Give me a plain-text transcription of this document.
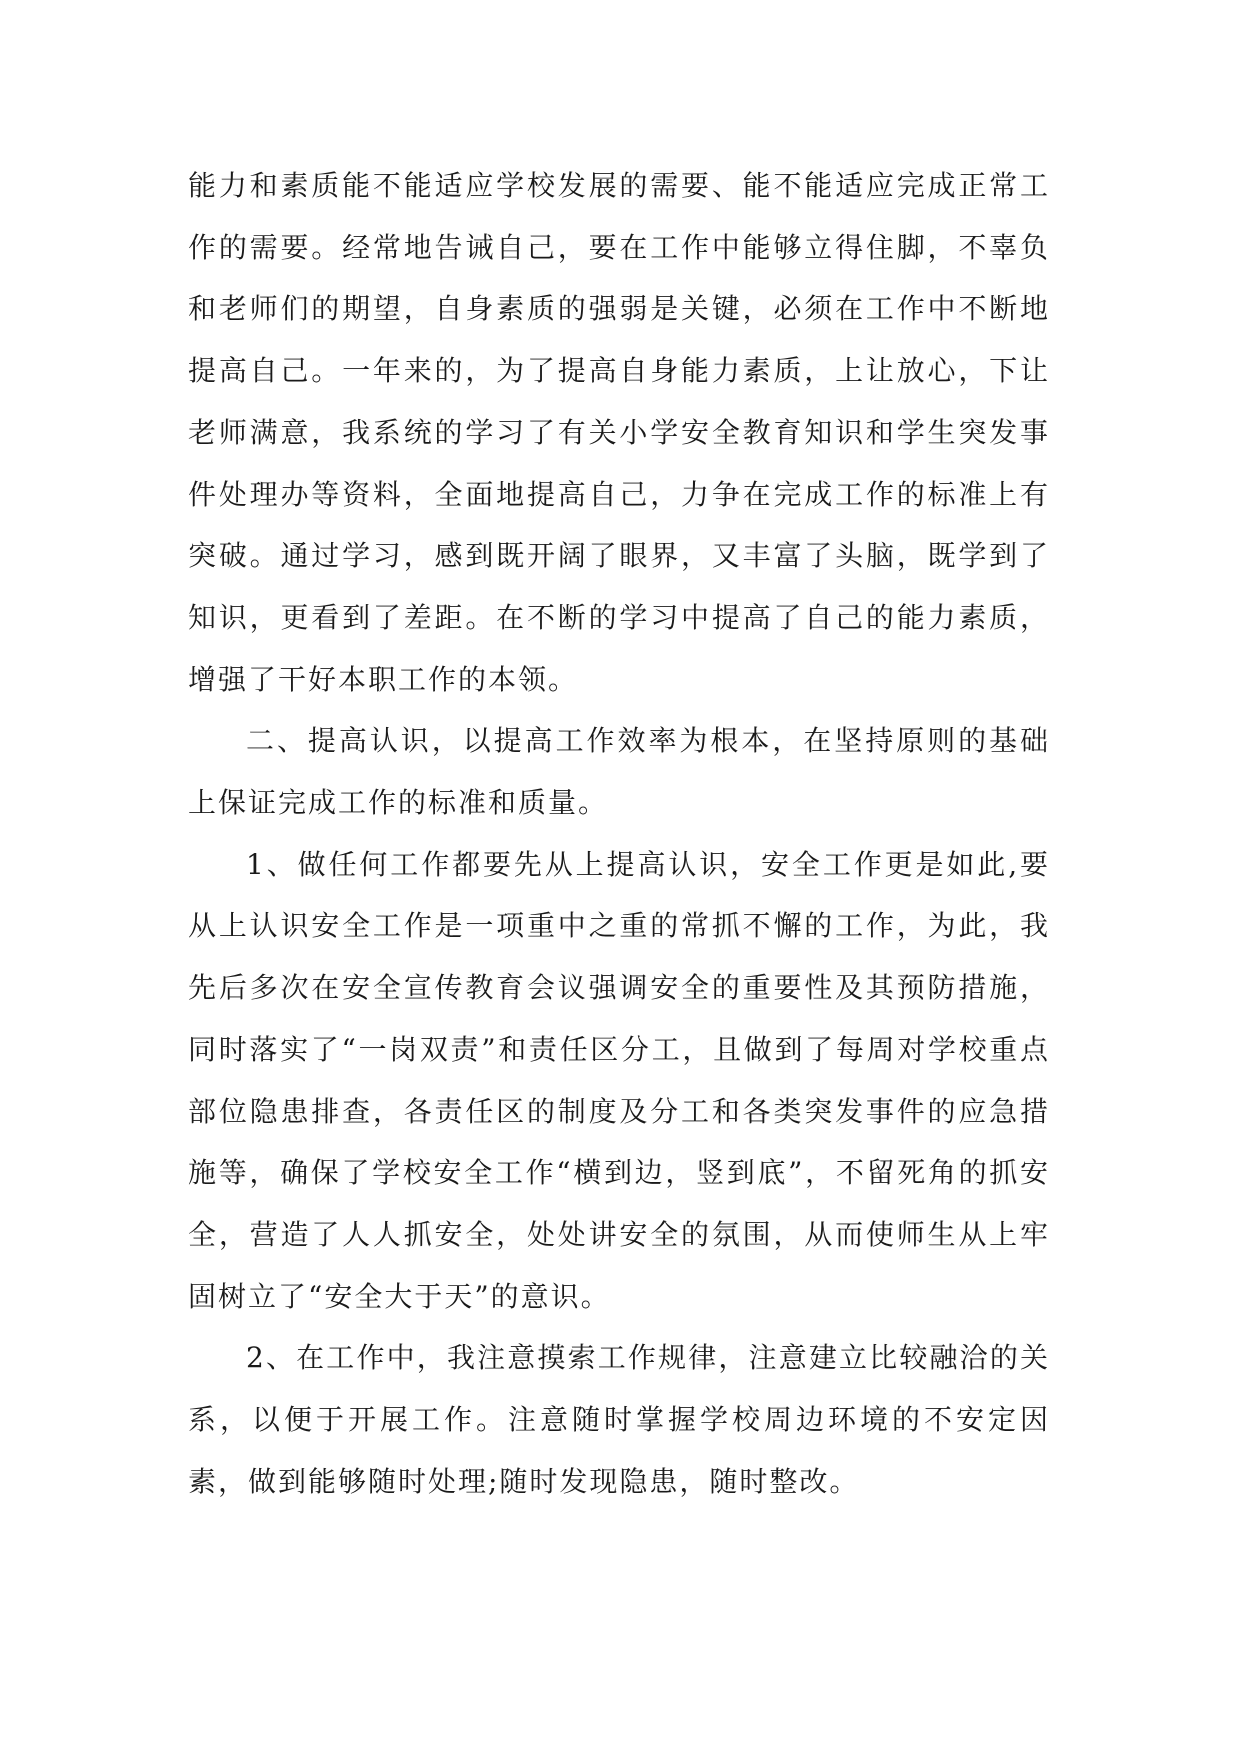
能力和素质能不能适应学校发展的需要、能不能适应完成正常工作的需要。经常地告诫自己，要在工作中能够立得住脚，不辜负和老师们的期望，自身素质的强弱是关键，必须在工作中不断地提高自己。一年来的，为了提高自身能力素质，上让放心，下让老师满意，我系统的学习了有关小学安全教育知识和学生突发事件处理办等资料，全面地提高自己，力争在完成工作的标准上有突破。通过学习，感到既开阔了眼界，又丰富了头脑，既学到了知识，更看到了差距。在不断的学习中提高了自己的能力素质，增强了干好本职工作的本领。

二、提高认识，以提高工作效率为根本，在坚持原则的基础上保证完成工作的标准和质量。

1、做任何工作都要先从上提高认识，安全工作更是如此,要从上认识安全工作是一项重中之重的常抓不懈的工作，为此，我先后多次在安全宣传教育会议强调安全的重要性及其预防措施，同时落实了“一岗双责”和责任区分工，且做到了每周对学校重点部位隐患排查，各责任区的制度及分工和各类突发事件的应急措施等，确保了学校安全工作“横到边，竖到底”，不留死角的抓安全，营造了人人抓安全，处处讲安全的氛围，从而使师生从上牢固树立了“安全大于天”的意识。

2、在工作中，我注意摸索工作规律，注意建立比较融洽的关系，以便于开展工作。注意随时掌握学校周边环境的不安定因素，做到能够随时处理;随时发现隐患，随时整改。
